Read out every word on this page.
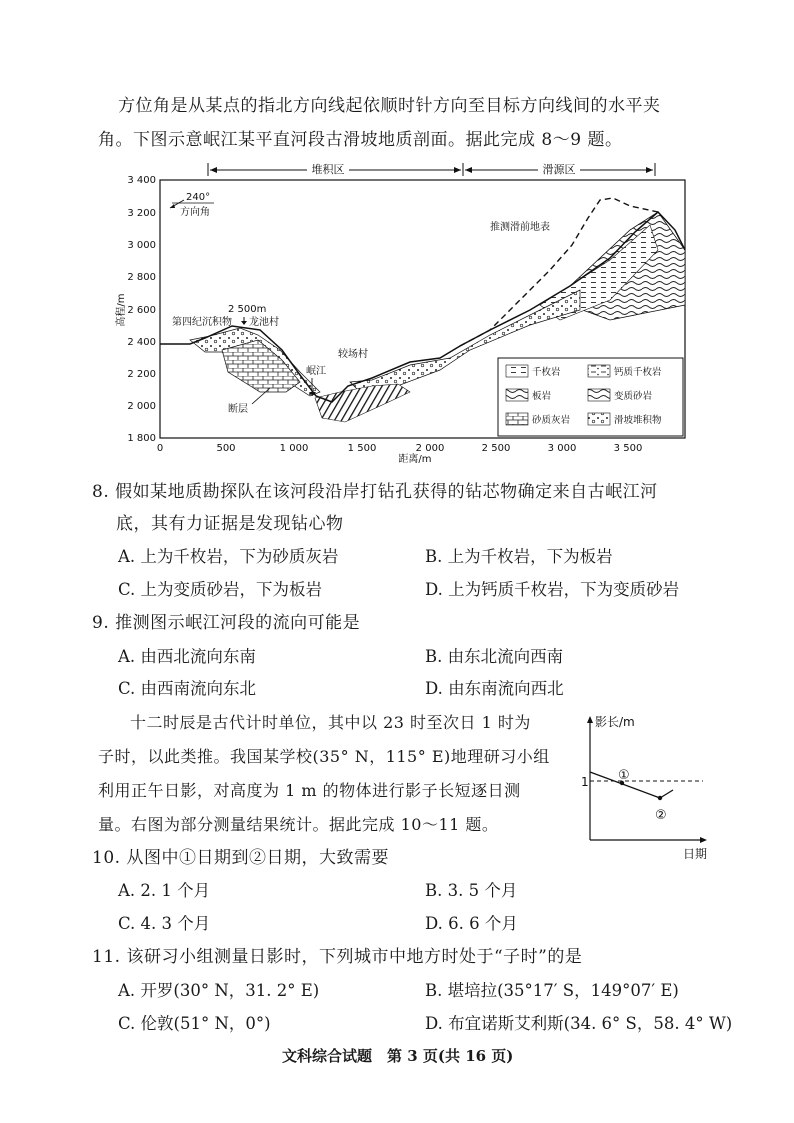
方位角是从某点的指北方向线起依顺时针方向至目标方向线间的水平夹
角。下图示意岷江某平直河段古滑坡地质剖面。据此完成 8～9 题。
堆积区	滑源区
3 400
3 200
3 000
2 800
2 600
2 400
2 200
2 000
1 800
高程/m
0	500	1 000	1 500	2 000	2 500	3 000	3 500
距离/m
240°
方向角
第四纪沉积物
2 500m
龙池村
岷江
较场村
断层
推测滑前地表
千枚岩	钙质千枚岩
板岩	变质砂岩
砂质灰岩	滑坡堆积物
8. 假如某地质勘探队在该河段沿岸打钻孔获得的钻芯物确定来自古岷江河
底，其有力证据是发现钻心物
A. 上为千枚岩，下为砂质灰岩	B. 上为千枚岩，下为板岩
C. 上为变质砂岩，下为板岩	D. 上为钙质千枚岩，下为变质砂岩
9. 推测图示岷江河段的流向可能是
A. 由西北流向东南	B. 由东北流向西南
C. 由西南流向东北	D. 由东南流向西北
十二时辰是古代计时单位，其中以 23 时至次日 1 时为
子时，以此类推。我国某学校(35° N，115° E)地理研习小组
利用正午日影，对高度为 1 m 的物体进行影子长短逐日测
量。右图为部分测量结果统计。据此完成 10～11 题。
影长/m
1 ①
②
日期
10. 从图中①日期到②日期，大致需要
A. 2. 1 个月	B. 3. 5 个月
C. 4. 3 个月	D. 6. 6 个月
11. 该研习小组测量日影时，下列城市中地方时处于“子时”的是
A. 开罗(30° N，31. 2° E)	B. 堪培拉(35°17′ S，149°07′ E)
C. 伦敦(51° N，0°)	D. 布宜诺斯艾利斯(34. 6° S，58. 4° W)
文科综合试题　第 3 页(共 16 页)
